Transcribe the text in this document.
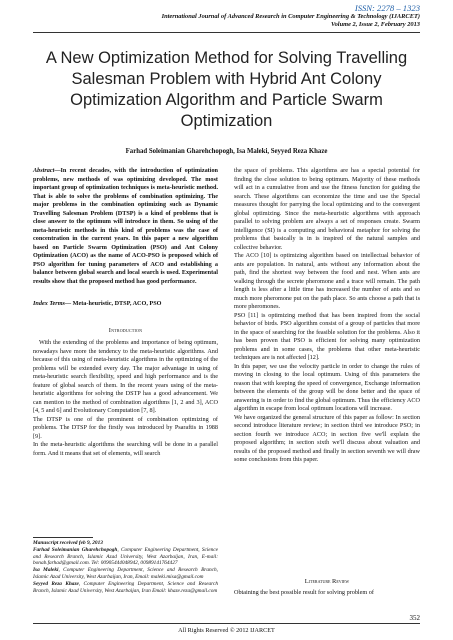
ISSN: 2278 – 1323
International Journal of Advanced Research in Computer Engineering & Technology (IJARCET)
Volume 2, Issue 2, February 2013
A New Optimization Method for Solving Travelling Salesman Problem with Hybrid Ant Colony Optimization Algorithm and Particle Swarm Optimization
Farhad Soleimanian Gharehchopogh, Isa Maleki, Seyyed Reza Khaze

Abstract—In recent decades, with the introduction of optimization problems, new methods of was optimizing developed. The most important group of optimization techniques is meta-heuristic method. That is able to solve the problems of combination optimizing. The major problems in the combination optimizing such as Dynamic Travelling Salesman Problem (DTSP) is a kind of problems that is close answer to the optimum will introduce in them. So using of the meta-heuristic methods in this kind of problems was the case of concentration in the current years. In this paper a new algorithm based on Particle Swarm Optimization (PSO) and Ant Colony Optimization (ACO) as the name of ACO-PSO is proposed which of PSO algorithm for tuning parameters of ACO and establishing a balance between global search and local search is used. Experimental results show that the proposed method has good performance.

Index Terms— Meta-heuristic, DTSP, ACO, PSO

Introduction

With the extending of the problems and importance of being optimum, nowadays have more the tendency to the meta-heuristic algorithms. And because of this using of meta-heuristic algorithms in the optimizing of the problems will be extended every day. The major advantage in using of meta-heuristic search flexibility, speed and high performance and is the feature of global search of them. In the recent years using of the meta-heuristic algorithms for solving the DSTP has a good advancement. We can mention to the method of combination algorithms [1, 2 and 3], ACO [4, 5 and 6] and Evolutionary Computation [7, 8].

The DTSP is one of the prominent of combination optimizing of problems. The DTSP for the firstly was introduced by Psaraftis in 1988 [9].

In the meta-heuristic algorithms the searching will be done in a parallel form. And it means that set of elements, will search

Manuscript received feb 9, 2013

Farhad Soleimanian Gharehchopogh, Computer Engineering Department, Science and Research Branch, Islamic Azad University, West Azarbaijan, Iran, E-mail: bonab.farhad@gmail.com. Tel: 00905444048942, 00989141764427

Isa Maleki, Computer Engineering Department, Science and Research Branch, Islamic Azad University, West Azarbaijan, Iran, Email: maleki.misa@gmail.com

Seyyed Reza Khaze, Computer Engineering Department, Science and Research Branch, Islamic Azad University, West Azarbaijan, Iran Email: khaze.reza@gmail.com

the space of problems. This algorithms are has a special potential for finding the close solution to being optimum. Majority of these methods will act in a cumulative from and use the fitness function for guiding the search. These algorithms can economize the time and use the Special measures thought for parrying the local optimizing and to the convergent global optimizing. Since the meta-heuristic algorithms with approach parallel to solving problem are always a set of responses create. Swarm intelligence (SI) is a computing and behavioral metaphor for solving the problems that basically is in is inspired of the natural samples and collective behavior.

The ACO [10] is optimizing algorithm based on intellectual behavior of ants are population. In natural, ants without any information about the path, find the shortest way between the food and nest. When ants are walking through the secrete pheromone and a trace will remain. The path length is less after a little time has increased the number of ants and so much more pheromone put on the path place. So ants choose a path that is more pheromones.

PSO [11] is optimizing method that has been inspired from the social behavior of birds. PSO algorithm consist of a group of particles that more in the space of searching for the feasible solution for the problems. Also it has been proven that PSO is efficient for solving many optimization problems and in some cases, the problems that other meta-heuristic techniques are is not affected [12].

In this paper, we use the velocity particle in order to change the rules of moving in closing to the local optimum. Using of this parameters the reason that with keeping the speed of convergence, Exchange information between the elements of the group will be done better and the space of answering is in order to find the global optimum. Thus the efficiency ACO algorithm in escape from local optimum locations will increase.

We have organized the general structure of this paper as follow: In section second introduce literature review; in section third we introduce PSO; in section fourth we introduce ACO; in section five we'll explain the proposed algorithm; in section sixth we'll discuss about valuation and results of the proposed method and finally in section seventh we will draw some conclusions from this paper.

Literature Review
Obtaining the best possible result for solving problem of
352
All Rights Reserved © 2012 IJARCET
